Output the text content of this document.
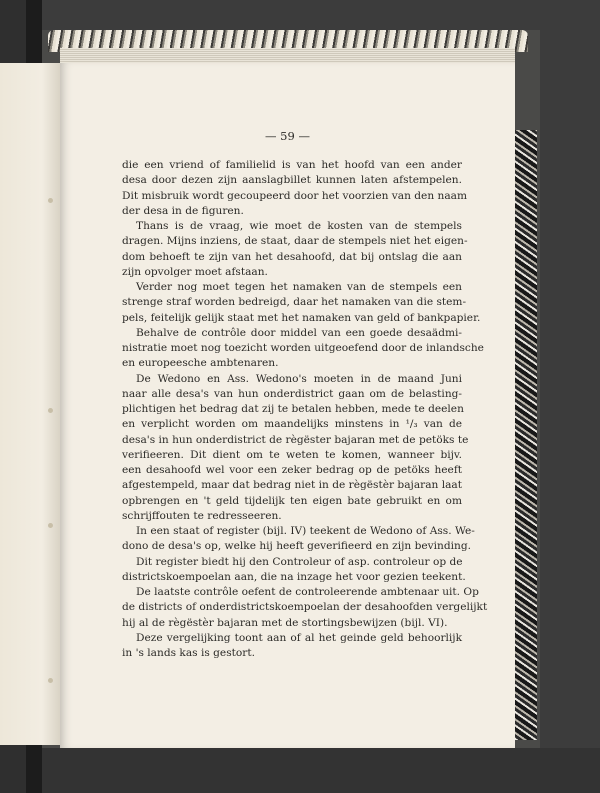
— 59 —
die een vriend of familielid is van het hoofd van een ander
desa door dezen zijn aanslagbillet kunnen laten afstempelen.
Dit misbruik wordt gecoupeerd door het voorzien van den naam
der desa in de figuren.
Thans is de vraag, wie moet de kosten van de stempels
dragen. Mijns inziens, de staat, daar de stempels niet het eigen-
dom behoeft te zijn van het desahoofd, dat bij ontslag die aan
zijn opvolger moet afstaan.
Verder nog moet tegen het namaken van de stempels een
strenge straf worden bedreigd, daar het namaken van die stem-
pels, feitelijk gelijk staat met het namaken van geld of bankpapier.
Behalve de contrôle door middel van een goede desaädmi-
nistratie moet nog toezicht worden uitgeoefend door de inlandsche
en europeesche ambtenaren.
De Wedono en Ass. Wedono's moeten in de maand Juni
naar alle desa's van hun onderdistrict gaan om de belasting-
plichtigen het bedrag dat zij te betalen hebben, mede te deelen
en verplicht worden om maandelijks minstens in ¹/₃ van de
desa's in hun onderdistrict de règëster bajaran met de petöks te
verifieeren. Dit dient om te weten te komen, wanneer bijv.
een desahoofd wel voor een zeker bedrag op de petöks heeft
afgestempeld, maar dat bedrag niet in de règëstèr bajaran laat
opbrengen en 't geld tijdelijk ten eigen bate gebruikt en om
schrijffouten te redresseeren.
In een staat of register (bijl. IV) teekent de Wedono of Ass. We-
dono de desa's op, welke hij heeft geverifieerd en zijn bevinding.
Dit register biedt hij den Controleur of asp. controleur op de
districtskoempoelan aan, die na inzage het voor gezien teekent.
De laatste contrôle oefent de controleerende ambtenaar uit. Op
de districts of onderdistrictskoempoelan der desahoofden vergelijkt
hij al de règëstèr bajaran met de stortingsbewijzen (bijl. VI).
Deze vergelijking toont aan of al het geinde geld behoorlijk
in 's lands kas is gestort.
